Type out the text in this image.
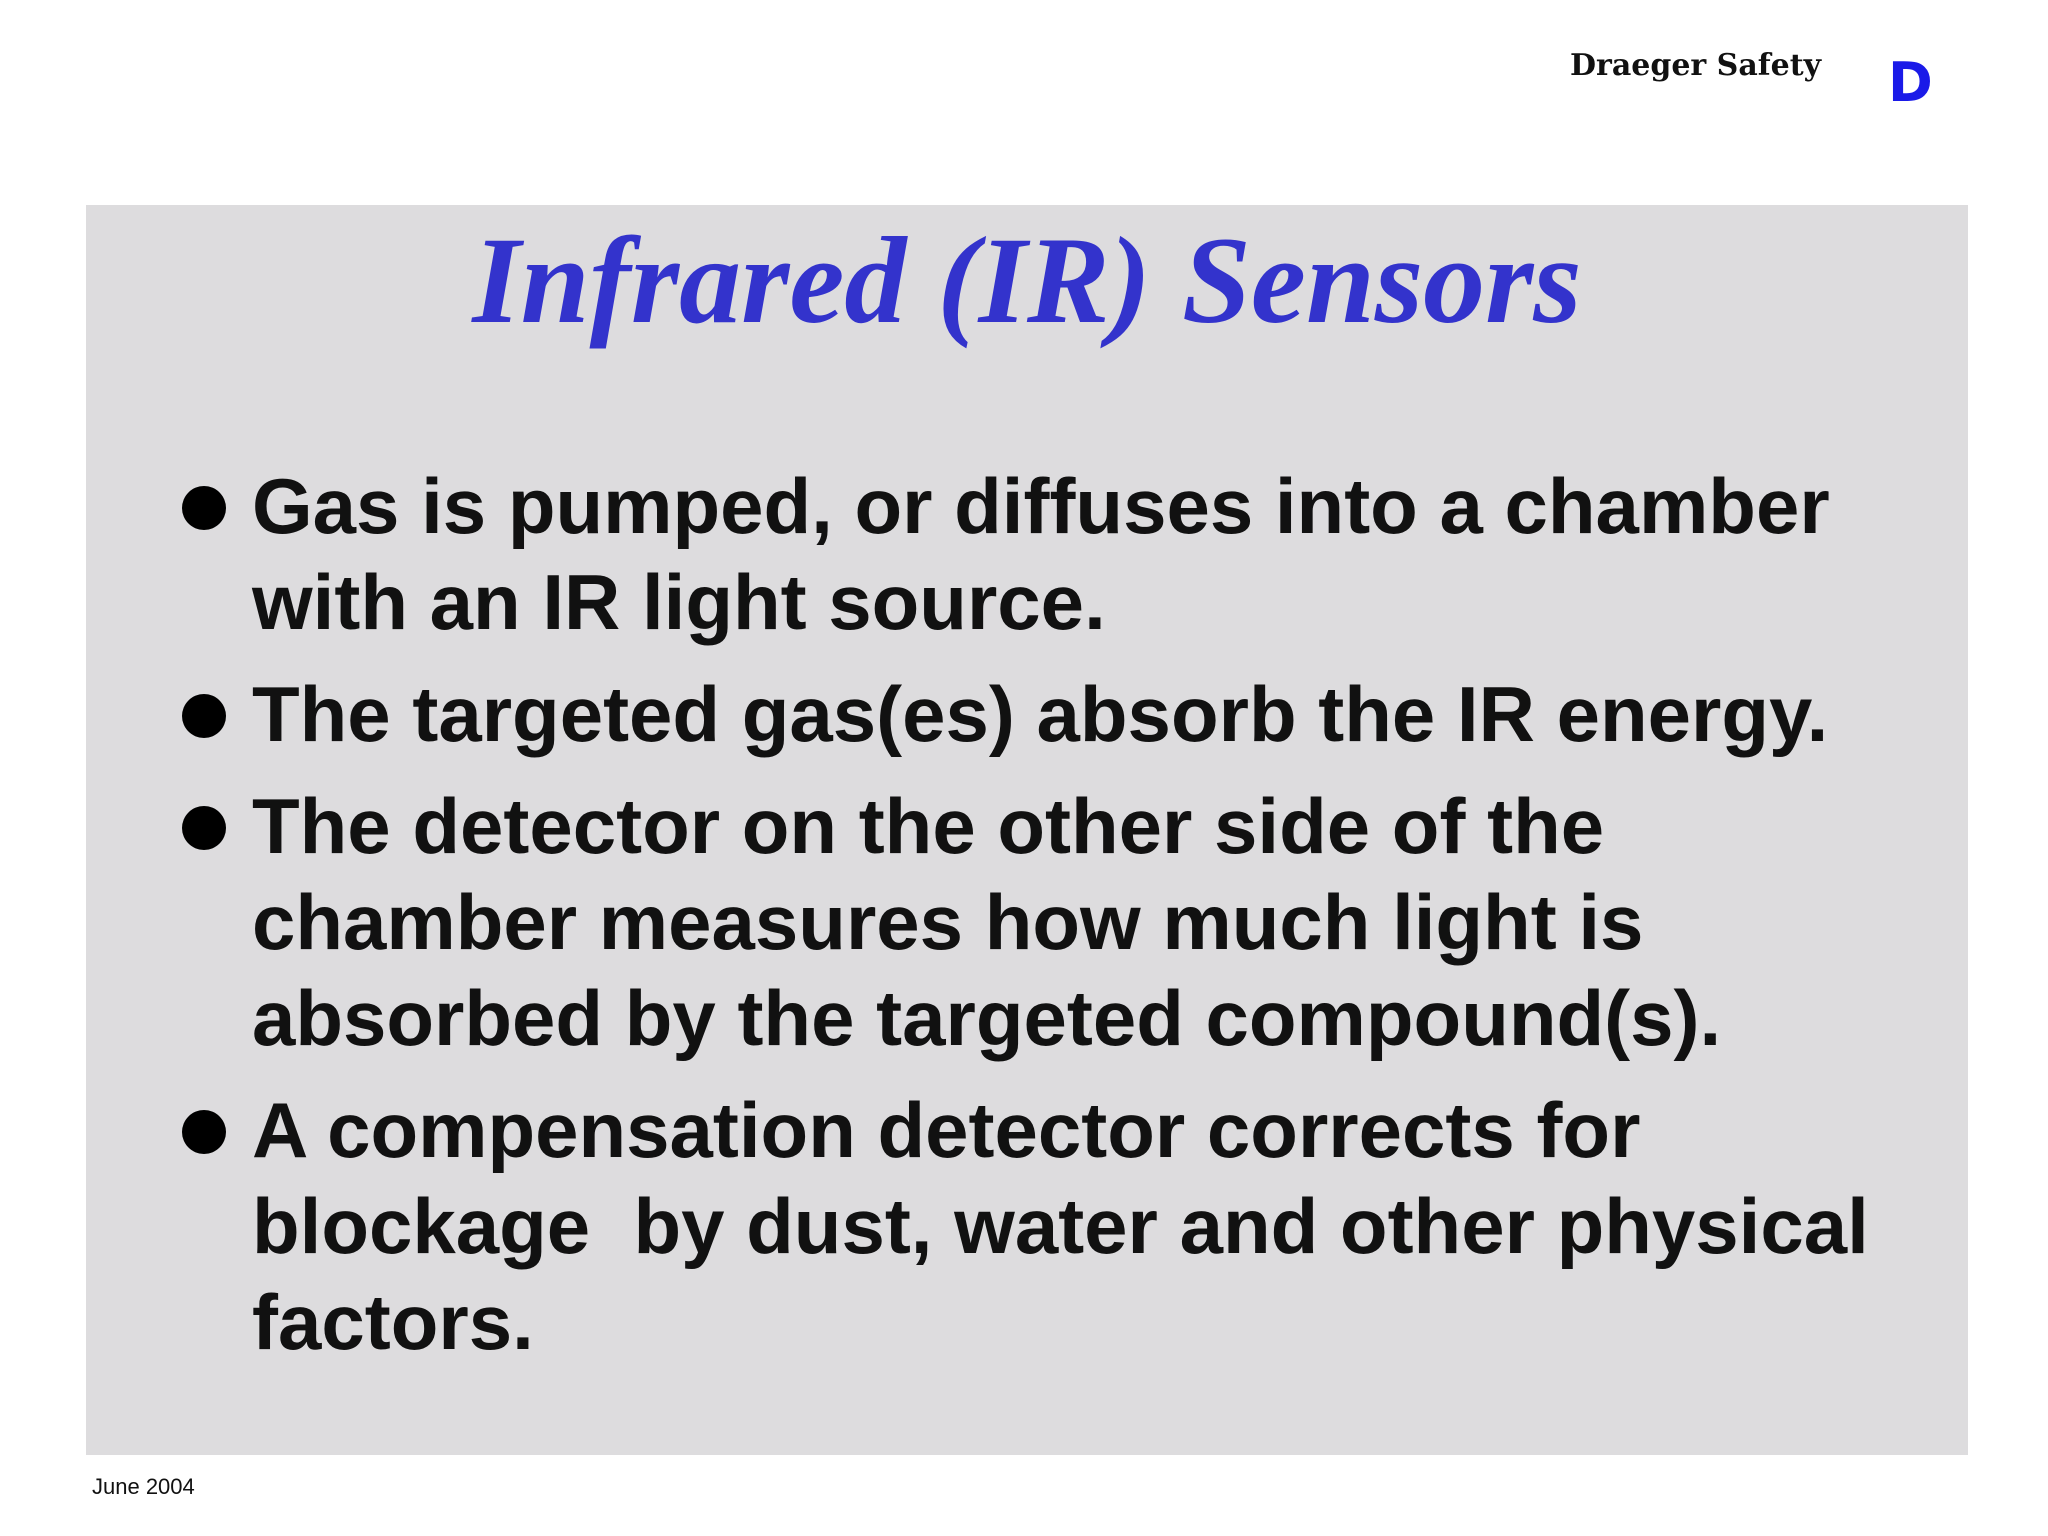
Draeger Safety D
Infrared (IR) Sensors
Gas is pumped, or diffuses into a chamber with an IR light source.
The targeted gas(es) absorb the IR energy.
The detector on the other side of the chamber measures how much light is absorbed by the targeted compound(s).
A compensation detector corrects for blockage  by dust, water and other physical factors.
June 2004
